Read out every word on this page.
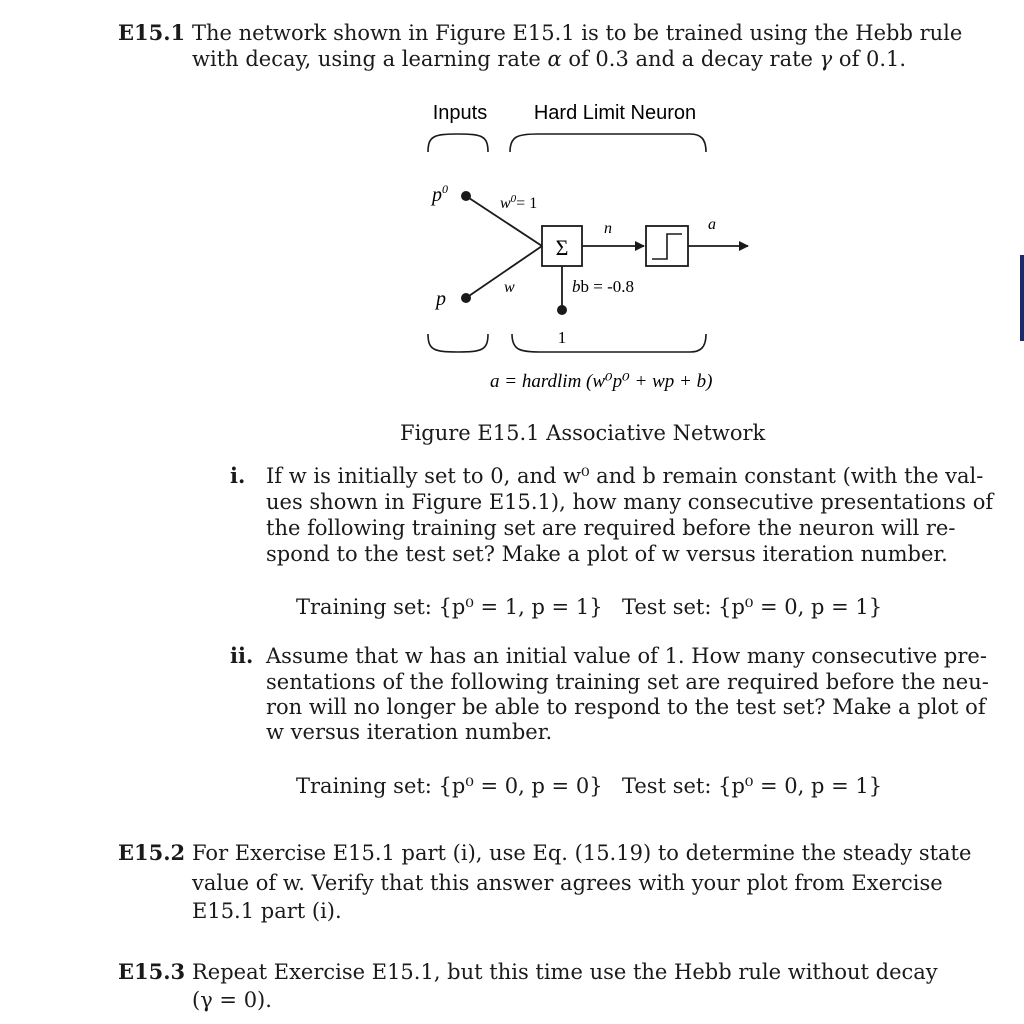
E15.1 The network shown in Figure E15.1 is to be trained using the Hebb rule
with decay, using a learning rate α of 0.3 and a decay rate γ of 0.1.
Inputs Hard Limit Neuron
$p^0$
p
$w^0= 1$
w
Σ
bb = -0.8
n	a
1
a = hardlim (w⁰p⁰ + wp + b)
Figure E15.1 Associative Network
i. If w is initially set to 0, and w⁰ and b remain constant (with the val-
ues shown in Figure E15.1), how many consecutive presentations of
the following training set are required before the neuron will re-
spond to the test set? Make a plot of w versus iteration number.
Training set: {p⁰ = 1, p = 1} Test set: {p⁰ = 0, p = 1}
ii. Assume that w has an initial value of 1. How many consecutive pre-
sentations of the following training set are required before the neu-
ron will no longer be able to respond to the test set? Make a plot of
w versus iteration number.
Training set: {p⁰ = 0, p = 0} Test set: {p⁰ = 0, p = 1}
E15.2 For Exercise E15.1 part (i), use Eq. (15.19) to determine the steady state
value of w. Verify that this answer agrees with your plot from Exercise
E15.1 part (i).
E15.3 Repeat Exercise E15.1, but this time use the Hebb rule without decay
(γ = 0).
